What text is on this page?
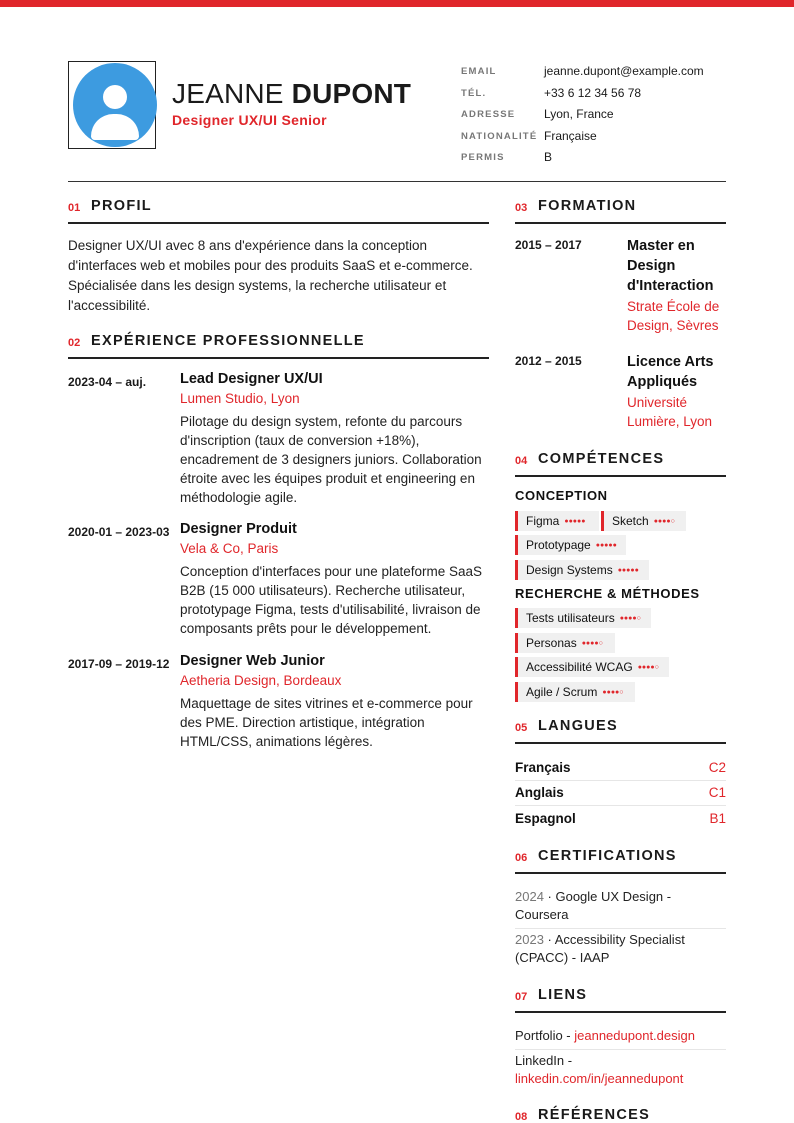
JEANNE DUPONT
Designer UX/UI Senior
EMAIL	jeanne.dupont@example.com
TÉL.	+33 6 12 34 56 78
ADRESSE Lyon, France
NATIONALITÉ Française
PERMIS	B
01 PROFIL
Designer UX/UI avec 8 ans d'expérience dans la conception d'interfaces web et mobiles pour des produits SaaS et e-commerce. Spécialisée dans les design systems, la recherche utilisateur et l'accessibilité.
02 EXPÉRIENCE PROFESSIONNELLE
2023-04 – auj.	Lead Designer UX/UI
Lumen Studio, Lyon
Pilotage du design system, refonte du parcours d'inscription (taux de conversion +18%), encadrement de 3 designers juniors. Collaboration étroite avec les équipes produit et engineering en méthodologie agile.
2020-01 – 2023-03 Designer Produit
Vela & Co, Paris
Conception d'interfaces pour une plateforme SaaS B2B (15 000 utilisateurs). Recherche utilisateur, prototypage Figma, tests d'utilisabilité, livraison de composants prêts pour le développement.
2017-09 – 2019-12 Designer Web Junior
Aetheria Design, Bordeaux
Maquettage de sites vitrines et e-commerce pour des PME. Direction artistique, intégration HTML/CSS, animations légères.
03 FORMATION
2015 – 2017	Master en Design d'Interaction
Strate École de Design, Sèvres
2012 – 2015	Licence Arts Appliqués
Université Lumière, Lyon
04 COMPÉTENCES
CONCEPTION
Figma ●●●●●	Sketch ●●●●○
Prototypage ●●●●●
Design Systems ●●●●●
RECHERCHE & MÉTHODES
Tests utilisateurs ●●●●○
Personas ●●●●○
Accessibilité WCAG ●●●●○
Agile / Scrum ●●●●○
05 LANGUES
Français	C2
Anglais	C1
Espagnol	B1
06 CERTIFICATIONS
2024 · Google UX Design - Coursera
2023 · Accessibility Specialist (CPACC) - IAAP
07 LIENS
Portfolio - jeannedupont.design
LinkedIn -
linkedin.com/in/jeannedupont
08 RÉFÉRENCES
